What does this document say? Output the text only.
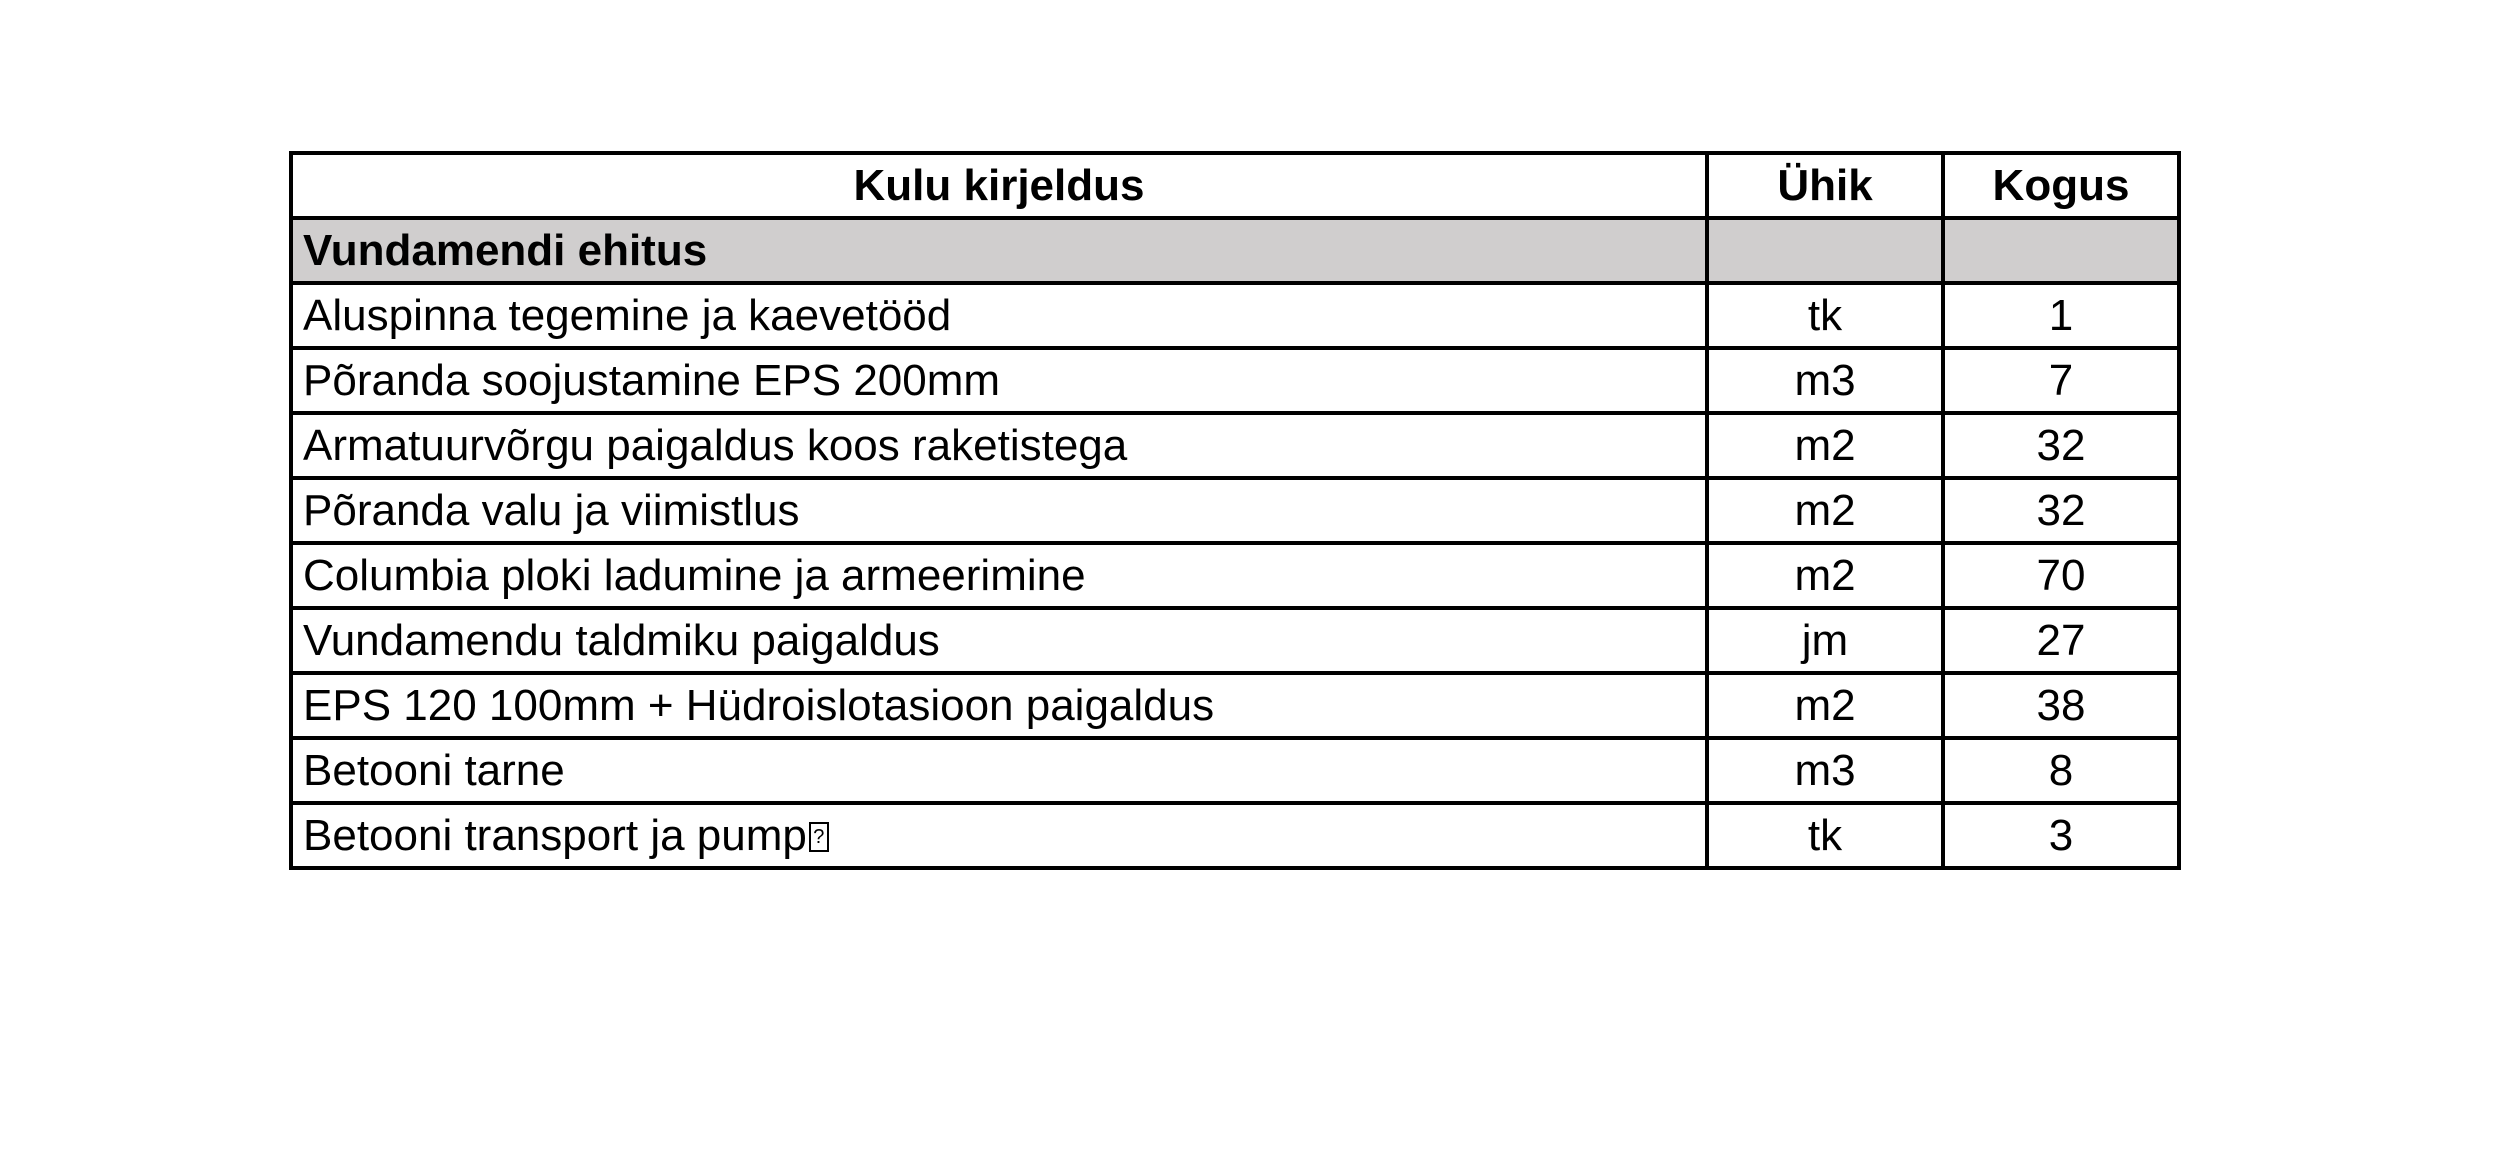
Kulu kirjeldus	Ühik	Kogus
Vundamendi ehitus		
Aluspinna tegemine ja kaevetööd	tk	1
Põranda soojustamine EPS 200mm	m3	7
Armatuurvõrgu paigaldus koos raketistega	m2	32
Põranda valu ja viimistlus	m2	32
Columbia ploki ladumine ja armeerimine	m2	70
Vundamendu taldmiku paigaldus	jm	27
EPS 120 100mm + Hüdroislotasioon paigaldus	m2	38
Betooni tarne	m3	8
Betooni transport ja pump?	tk	3
